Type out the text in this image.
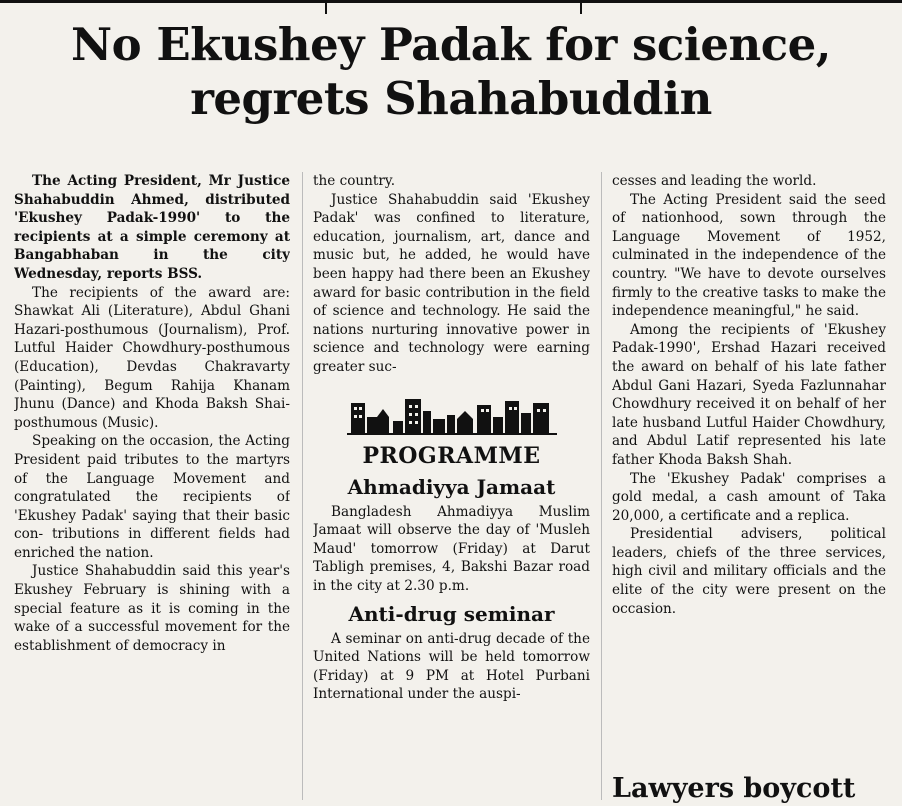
No Ekushey Padak for science,
regrets Shahabuddin

The Acting President, Mr Justice Shahabuddin Ahmed, distributed 'Ekushey Padak-1990' to the recipients at a simple ceremony at Bangabhaban in the city Wednesday, reports BSS.

The recipients of the award are: Shawkat Ali (Literature), Abdul Ghani Hazari-posthumous (Journalism), Prof. Lutful Haider Chowdhury-posthumous (Education), Devdas Chakravarty (Painting), Begum Rahija Khanam Jhunu (Dance) and Khoda Baksh Shai-posthumous (Music).

Speaking on the occasion, the Acting President paid tributes to the martyrs of the Language Movement and congratulated the recipients of 'Ekushey Padak' saying that their basic con- tributions in different fields had enriched the nation.

Justice Shahabuddin said this year's Ekushey February is shining with a special feature as it is coming in the wake of a successful movement for the establishment of democracy in

the country.

Justice Shahabuddin said 'Ekushey Padak' was confined to literature, education, journalism, art, dance and music but, he added, he would have been happy had there been an Ekushey award for basic contribution in the field of science and technology. He said the nations nurturing innovative power in science and technology were earning greater suc-

PROGRAMME
Ahmadiyya Jamaat

Bangladesh Ahmadiyya Muslim Jamaat will observe the day of 'Musleh Maud' tomorrow (Friday) at Darut Tabligh premises, 4, Bakshi Bazar road in the city at 2.30 p.m.

Anti-drug seminar

A seminar on anti-drug decade of the United Nations will be held tomorrow (Friday) at 9 PM at Hotel Purbani International under the auspi-

cesses and leading the world.

The Acting President said the seed of nationhood, sown through the Language Movement of 1952, culminated in the independence of the country. "We have to devote ourselves firmly to the creative tasks to make the independence meaningful," he said.

Among the recipients of 'Ekushey Padak-1990', Ershad Hazari received the award on behalf of his late father Abdul Gani Hazari, Syeda Fazlunnahar Chowdhury received it on behalf of her late husband Lutful Haider Chowdhury, and Abdul Latif represented his late father Khoda Baksh Shah.

The 'Ekushey Padak' comprises a gold medal, a cash amount of Taka 20,000, a certificate and a replica.

Presidential advisers, political leaders, chiefs of the three services, high civil and military officials and the elite of the city were present on the occasion.

Lawyers boycott
